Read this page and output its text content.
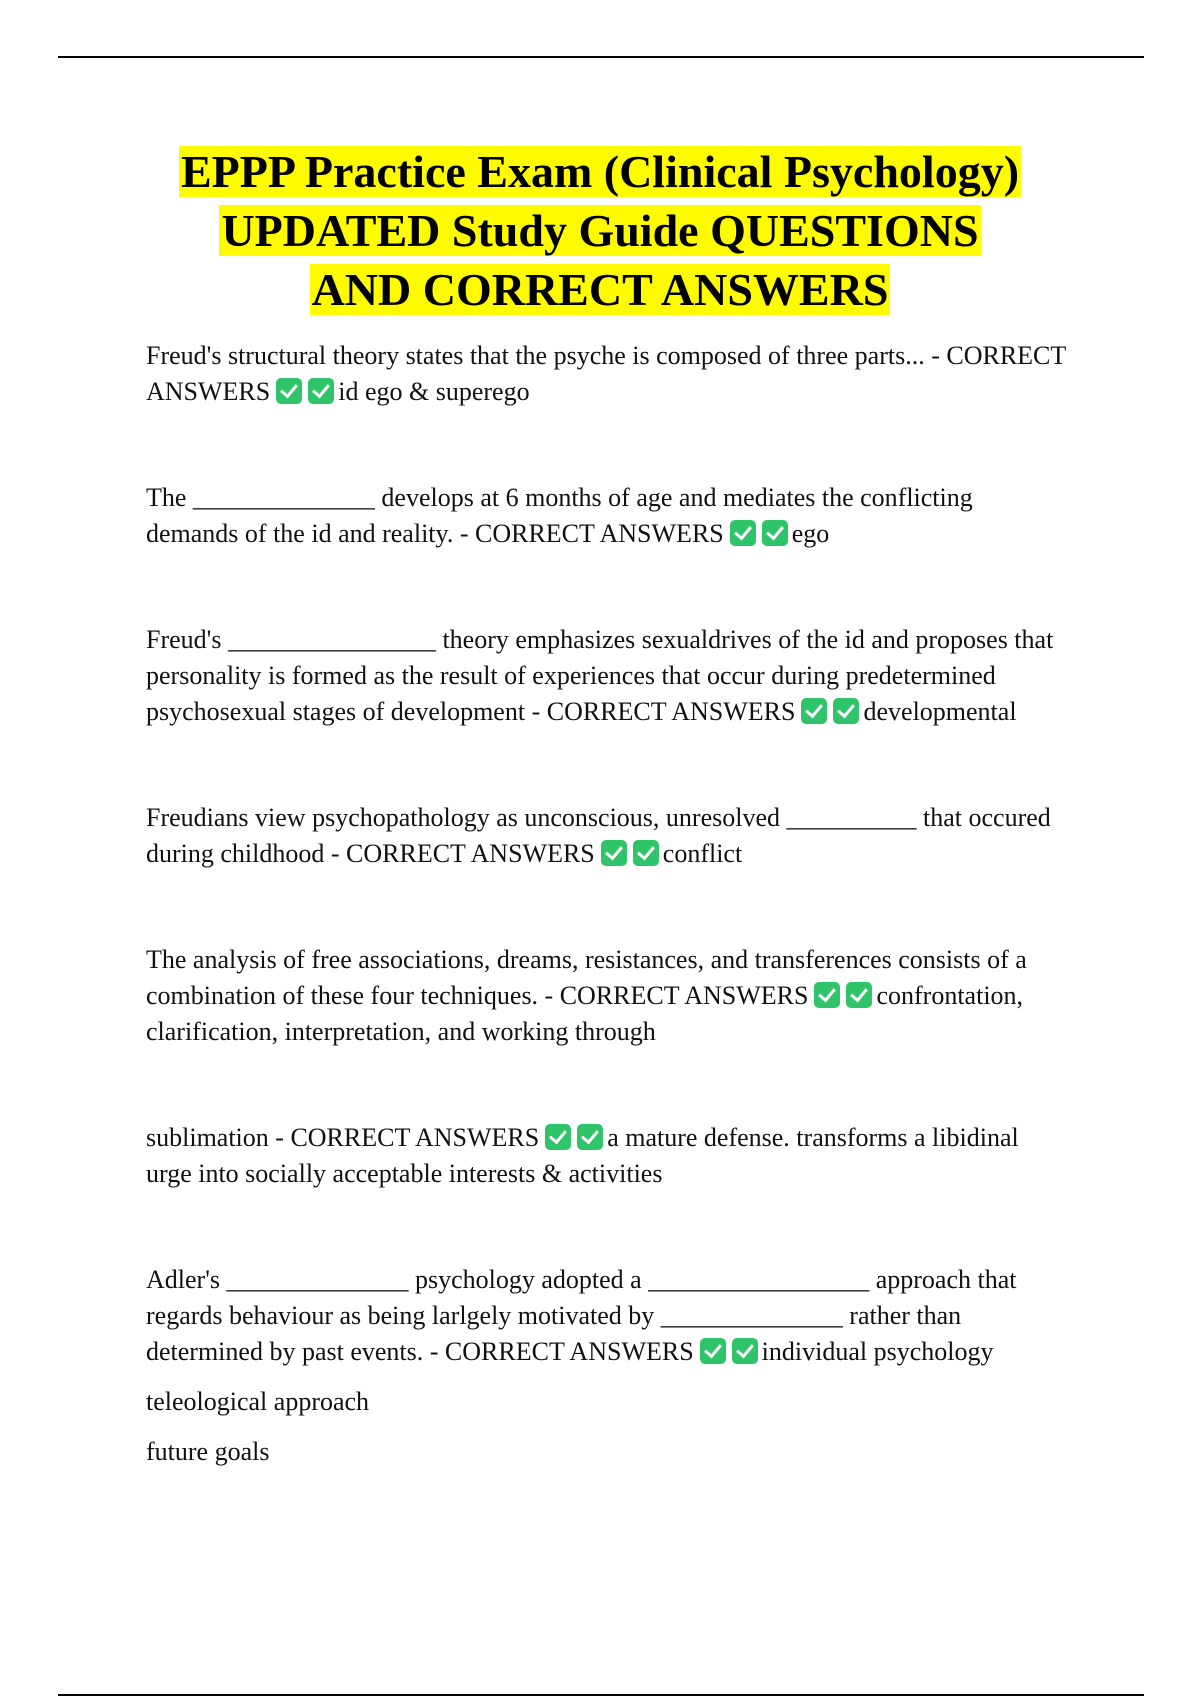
EPPP Practice Exam (Clinical Psychology)
UPDATED Study Guide QUESTIONS
AND CORRECT ANSWERS

Freud's structural theory states that the psyche is composed of three parts... - CORRECT ANSWERS	id ego & superego

The ______________ develops at 6 months of age and mediates the conflicting demands of the id and reality. - CORRECT ANSWERS	ego

Freud's ________________ theory emphasizes sexualdrives of the id and proposes that personality is formed as the result of experiences that occur during predetermined psychosexual stages of development - CORRECT ANSWERS	developmental

Freudians view psychopathology as unconscious, unresolved __________ that occured during childhood - CORRECT ANSWERS	conflict

The analysis of free associations, dreams, resistances, and transferences consists of a combination of these four techniques. - CORRECT ANSWERS	confrontation, clarification, interpretation, and working through

sublimation - CORRECT ANSWERS	a mature defense. transforms a libidinal urge into socially acceptable interests & activities

Adler's ______________ psychology adopted a _________________ approach that regards behaviour as being larlgely motivated by ______________ rather than determined by past events. - CORRECT ANSWERS	individual psychology

teleological approach

future goals
